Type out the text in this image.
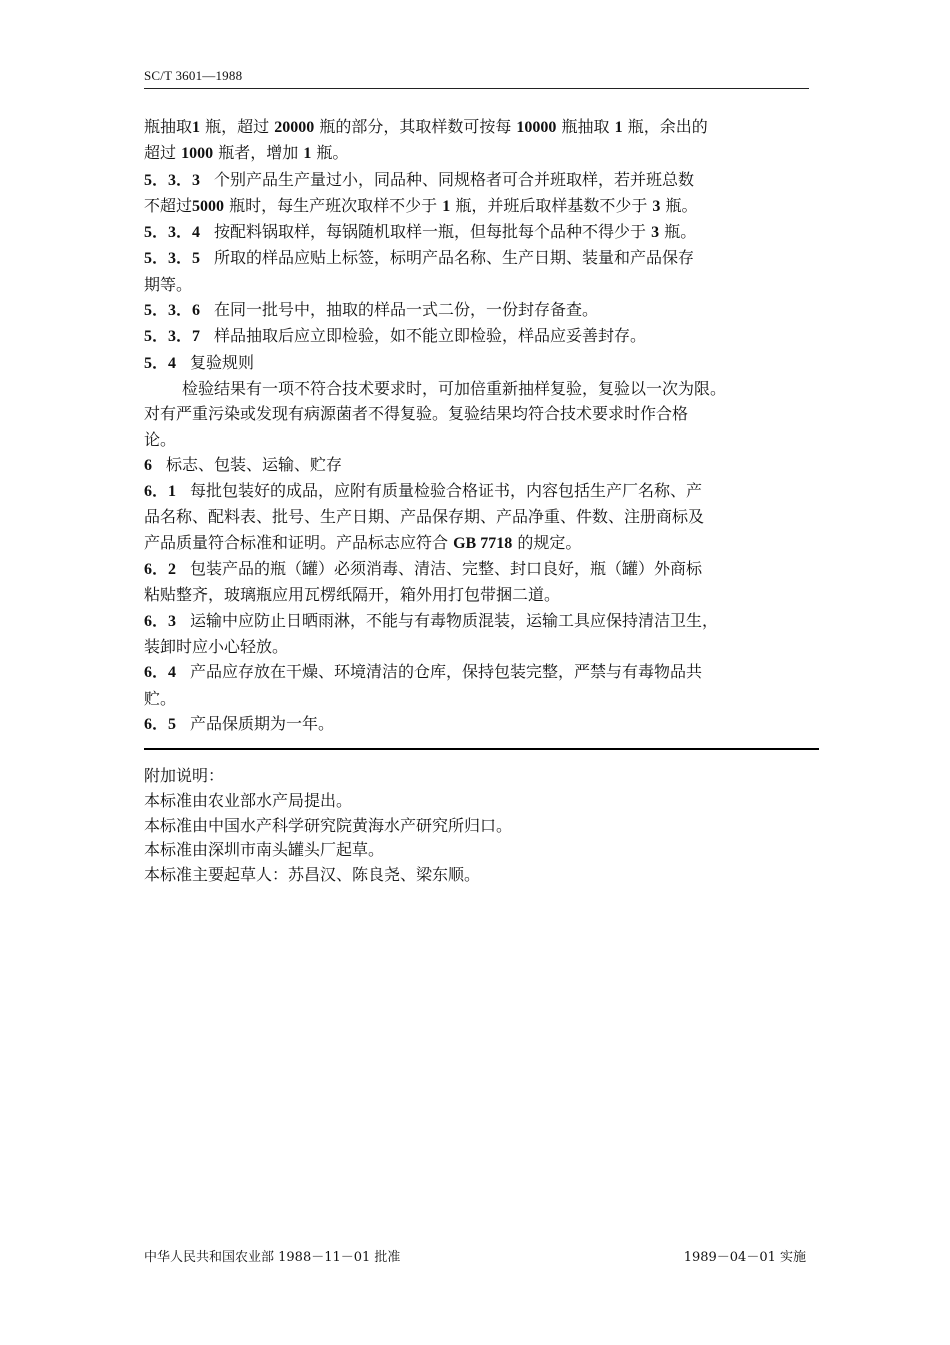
SC/T 3601—1988
瓶抽取1 瓶，超过 20000 瓶的部分，其取样数可按每 10000 瓶抽取 1 瓶，余出的
超过 1000 瓶者，增加 1 瓶。
5．3．3 个别产品生产量过小，同品种、同规格者可合并班取样，若并班总数
不超过5000 瓶时，每生产班次取样不少于 1 瓶，并班后取样基数不少于 3 瓶。
5．3．4 按配料锅取样，每锅随机取样一瓶，但每批每个品种不得少于 3 瓶。
5．3．5 所取的样品应贴上标签，标明产品名称、生产日期、装量和产品保存
期等。
5．3．6 在同一批号中，抽取的样品一式二份，一份封存备查。
5．3．7 样品抽取后应立即检验，如不能立即检验，样品应妥善封存。
5．4 复验规则
检验结果有一项不符合技术要求时，可加倍重新抽样复验，复验以一次为限。
对有严重污染或发现有病源菌者不得复验。复验结果均符合技术要求时作合格
论。
6 标志、包装、运输、贮存
6．1 每批包装好的成品，应附有质量检验合格证书，内容包括生产厂名称、产
品名称、配料表、批号、生产日期、产品保存期、产品净重、件数、注册商标及
产品质量符合标准和证明。产品标志应符合 GB 7718 的规定。
6．2 包装产品的瓶（罐）必须消毒、清洁、完整、封口良好，瓶（罐）外商标
粘贴整齐，玻璃瓶应用瓦楞纸隔开，箱外用打包带捆二道。
6．3 运输中应防止日晒雨淋，不能与有毒物质混装，运输工具应保持清洁卫生，
装卸时应小心轻放。
6．4 产品应存放在干燥、环境清洁的仓库，保持包装完整，严禁与有毒物品共
贮。
6．5 产品保质期为一年。
附加说明：
本标准由农业部水产局提出。
本标准由中国水产科学研究院黄海水产研究所归口。
本标准由深圳市南头罐头厂起草。
本标准主要起草人：苏昌汉、陈良尧、梁东顺。
中华人民共和国农业部 1988－11－01 批准	1989－04－01 实施
